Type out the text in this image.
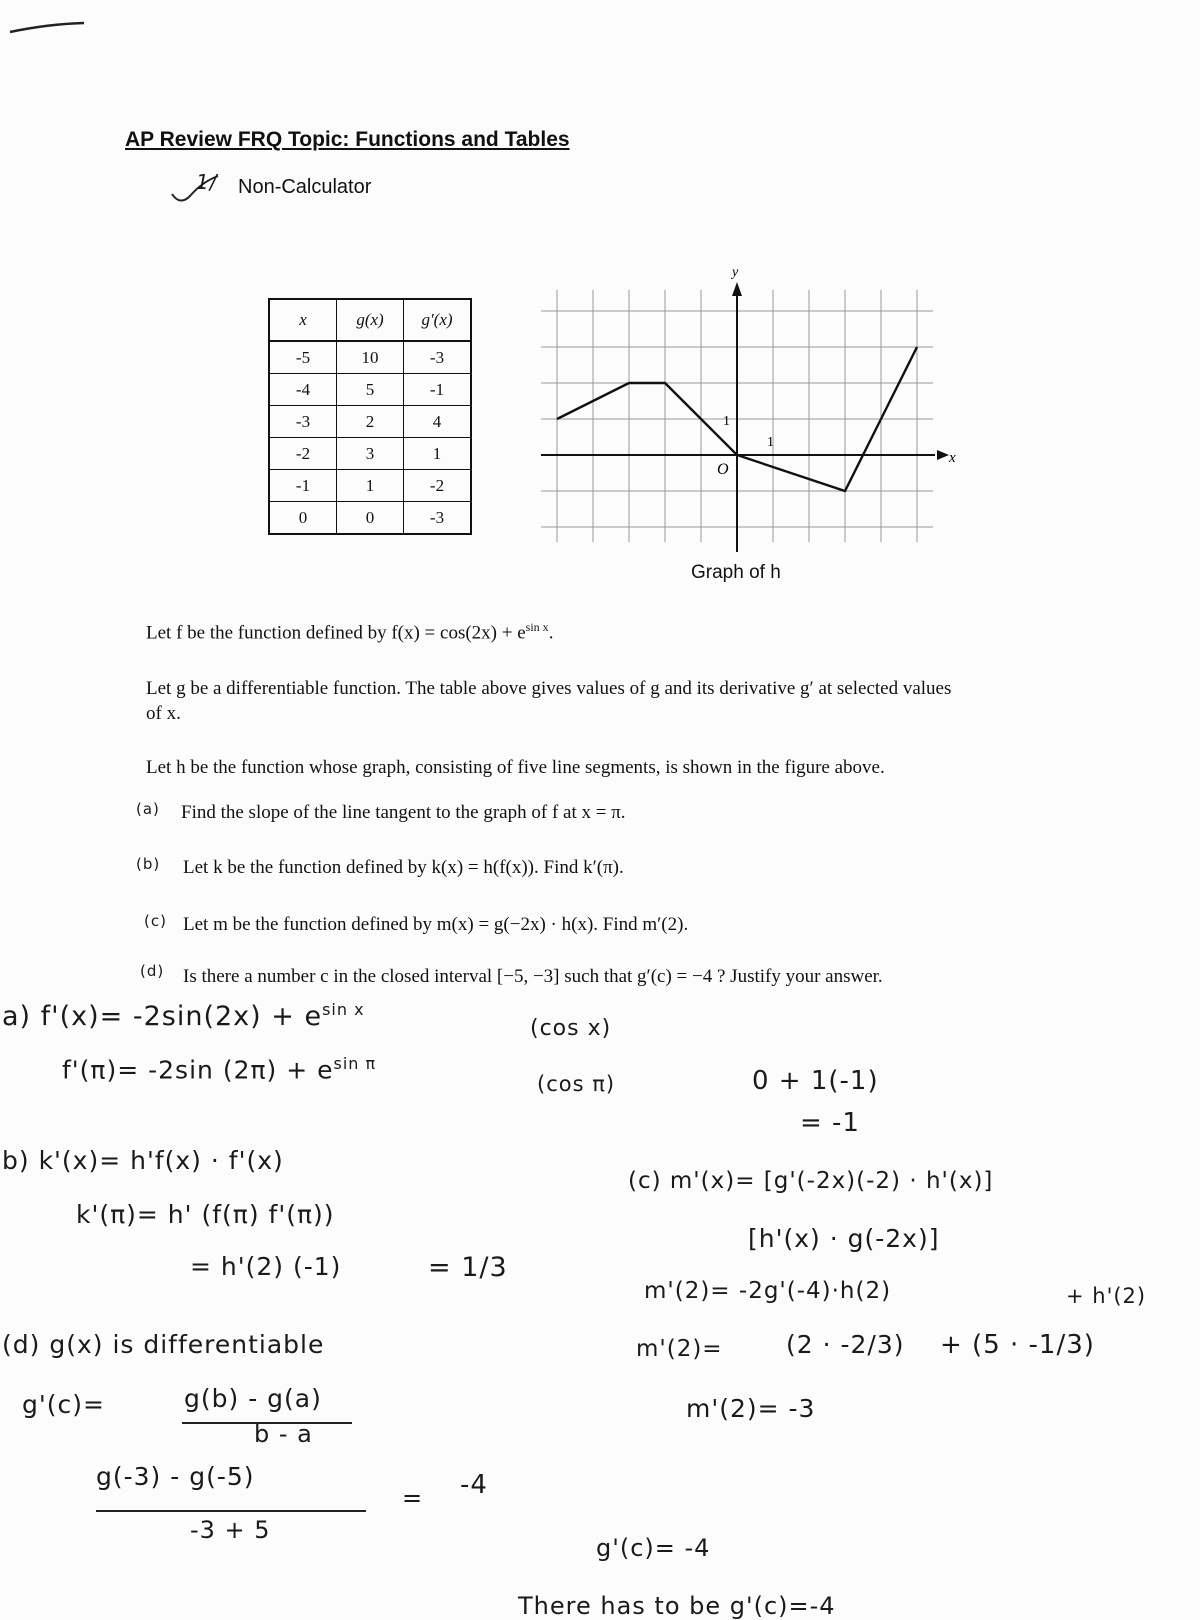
AP Review FRQ Topic: Functions and Tables
1/ Non-Calculator
x	g(x)	g′(x)
-5	10	-3
-4	5	-1
-3	2	4
-2	3	1
-1	1	-2
0	0	-3
y
x
O
1
1
Graph of h
Let f be the function defined by $f(x) = \cos(2x) + e^{sin x}$.
Let g be a differentiable function. The table above gives values of g and its derivative g′ at selected values
of x.
Let h be the function whose graph, consisting of five line segments, is shown in the figure above.
(a) Find the slope of the line tangent to the graph of f at x = π.
(b) Let k be the function defined by k(x) = h(f(x)). Find k′(π).
(c) Let m be the function defined by m(x) = g(−2x) · h(x). Find m′(2).
(d) Is there a number c in the closed interval [−5, −3] such that g′(c) = −4 ? Justify your answer.
a) $f'(x)= -2\sin(2x) + e^{sin x}$
(cos x)
f'(π)= -2sin $(2\pi) + e^{sin \pi}$
(cos π)	0 + 1(-1)
= -1
b) k'(x)= h'f(x) · f'(x)
k'(π)= h' (f(π) f'(π))
= h'(2) (-1)	= 1/3
(c) m'(x)= [g'(-2x)(-2) · h'(x)]
[h'(x) · g(-2x)]
m'(2)= -2g'(-4)·h(2)	+ h'(2)
m'(2)=	(2 · -2/3) + (5 · -1/3)
m'(2)= -3
(d) g(x) is differentiable
g'(c)=	g(b) - g(a)
b - a
g(-3) - g(-5)
-3 + 5
= -4
g'(c)= -4
There has to be g'(c)=-4
